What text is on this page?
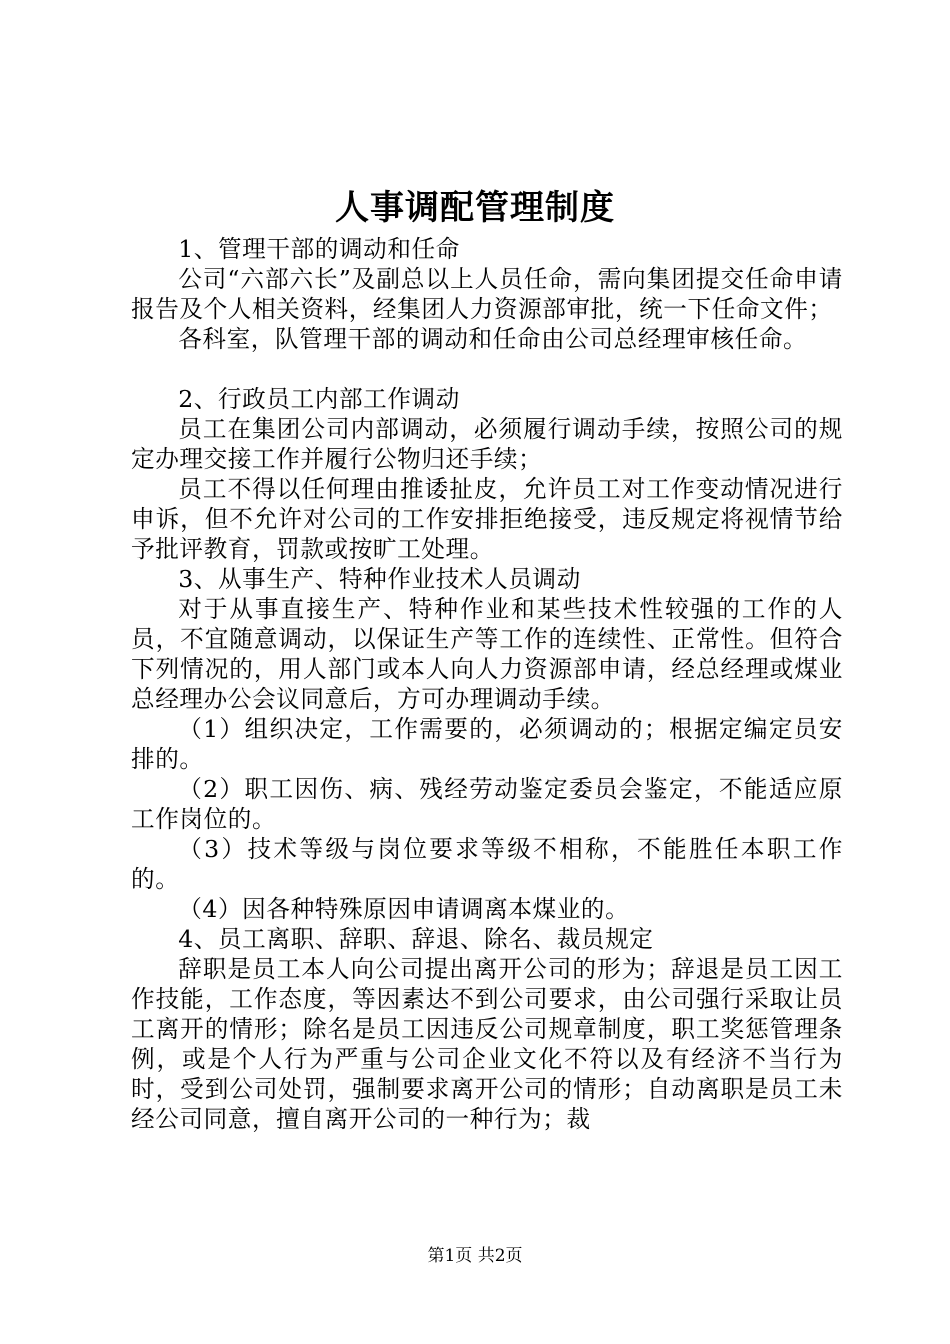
人事调配管理制度

1、管理干部的调动和任命

公司“六部六长”及副总以上人员任命，需向集团提交任命申请报告及个人相关资料，经集团人力资源部审批，统一下任命文件；

各科室，队管理干部的调动和任命由公司总经理审核任命。

2、行政员工内部工作调动

员工在集团公司内部调动，必须履行调动手续，按照公司的规定办理交接工作并履行公物归还手续；

员工不得以任何理由推诿扯皮，允许员工对工作变动情况进行申诉，但不允许对公司的工作安排拒绝接受，违反规定将视情节给予批评教育，罚款或按旷工处理。

3、从事生产、特种作业技术人员调动

对于从事直接生产、特种作业和某些技术性较强的工作的人员，不宜随意调动，以保证生产等工作的连续性、正常性。但符合下列情况的，用人部门或本人向人力资源部申请，经总经理或煤业总经理办公会议同意后，方可办理调动手续。

（1）组织决定，工作需要的，必须调动的；根据定编定员安排的。

（2）职工因伤、病、残经劳动鉴定委员会鉴定，不能适应原工作岗位的。

（3）技术等级与岗位要求等级不相称，不能胜任本职工作的。

（4）因各种特殊原因申请调离本煤业的。

4、员工离职、辞职、辞退、除名、裁员规定

辞职是员工本人向公司提出离开公司的形为；辞退是员工因工作技能，工作态度，等因素达不到公司要求，由公司强行采取让员工离开的情形；除名是员工因违反公司规章制度，职工奖惩管理条例，或是个人行为严重与公司企业文化不符以及有经济不当行为时，受到公司处罚，强制要求离开公司的情形；自动离职是员工未经公司同意，擅自离开公司的一种行为；裁

第1页 共2页
